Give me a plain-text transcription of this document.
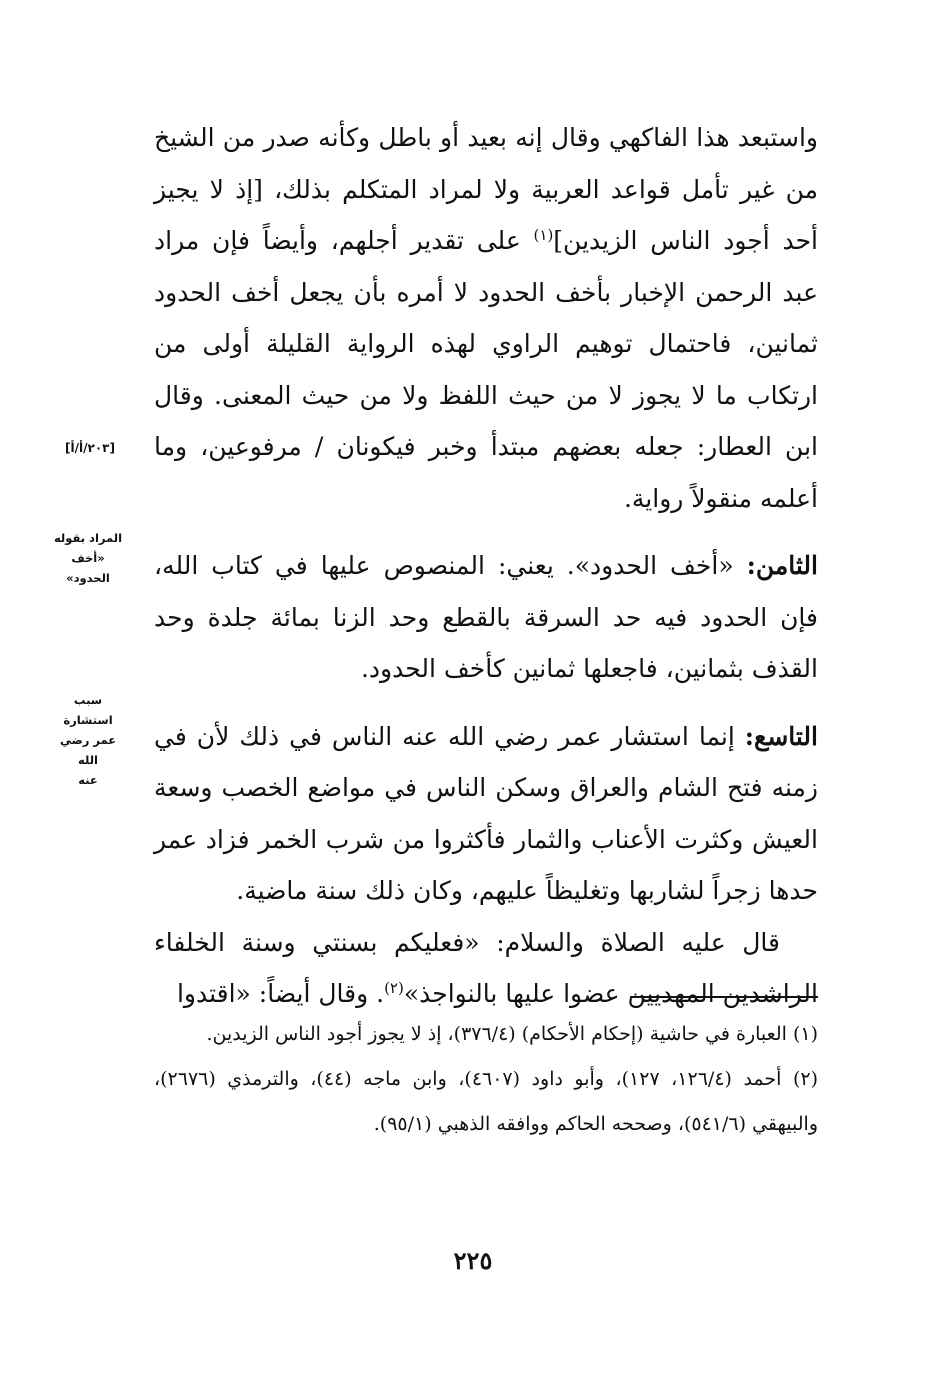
واستبعد هذا الفاكهي وقال إنه بعيد أو باطل وكأنه صدر من الشيخ من غير تأمل قواعد العربية ولا لمراد المتكلم بذلك، [إذ لا يجيز أحد أجود الناس الزيدين]$^{(١)}$ على تقدير أجلهم، وأيضاً فإن مراد عبد الرحمن الإخبار بأخف الحدود لا أمره بأن يجعل أخف الحدود ثمانين، فاحتمال توهيم الراوي لهذه الرواية القليلة أولى من ارتكاب ما لا يجوز لا من حيث اللفظ ولا من حيث المعنى. وقال ابن العطار: جعله بعضهم مبتدأ وخبر فيكونان / مرفوعين، وما أعلمه منقولاً رواية.

الثامن: «أخف الحدود». يعني: المنصوص عليها في كتاب الله، فإن الحدود فيه حد السرقة بالقطع وحد الزنا بمائة جلدة وحد القذف بثمانين، فاجعلها ثمانين كأخف الحدود.

التاسع: إنما استشار عمر رضي الله عنه الناس في ذلك لأن في زمنه فتح الشام والعراق وسكن الناس في مواضع الخصب وسعة العيش وكثرت الأعناب والثمار فأكثروا من شرب الخمر فزاد عمر حدها زجراً لشاربها وتغليظاً عليهم، وكان ذلك سنة ماضية.

قال عليه الصلاة والسلام: «فعليكم بسنتي وسنة الخلفاء الراشدين المهديين عضوا عليها بالنواجذ»$^{(٢)}$. وقال أيضاً: «اقتدوا

[٢٠٣/أ/أ]
المراد بقوله
«أخف الحدود»
سبب استشارة
عمر رضي الله
عنه

(١) العبارة في حاشية (إحكام الأحكام) (٣٧٦/٤)، إذ لا يجوز أجود الناس الزيدين.

(٢) أحمد (١٢٦/٤، ١٢٧)، وأبو داود (٤٦٠٧)، وابن ماجه (٤٤)، والترمذي (٢٦٧٦)، والبيهقي (٥٤١/٦)، وصححه الحاكم ووافقه الذهبي (٩٥/١).

٢٢٥
